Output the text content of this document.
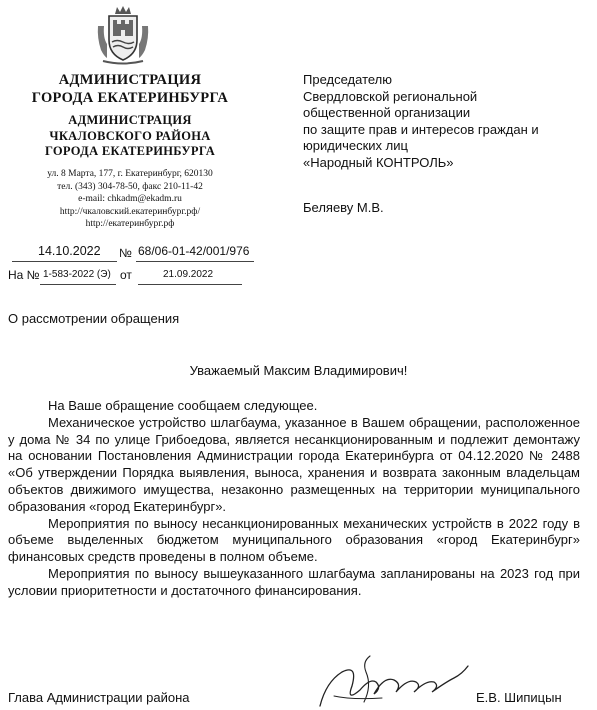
АДМИНИСТРАЦИЯ
ГОРОДА ЕКАТЕРИНБУРГА
АДМИНИСТРАЦИЯ
ЧКАЛОВСКОГО РАЙОНА
ГОРОДА ЕКАТЕРИНБУРГА
ул. 8 Марта, 177, г. Екатеринбург, 620130
тел. (343) 304-78-50, факс 210-11-42
e-mail: chkadm@ekadm.ru
http://чкаловский.екатеринбург.рф/
http://екатеринбург.рф
Председателю
Свердловской региональной
общественной организации
по защите прав и интересов граждан и
юридических лиц
«Народный КОНТРОЛЬ»
Беляеву М.В.
14.10.2022 № 68/06-01-42/001/976
На № 1-583-2022 (Э) от	21.09.2022
О рассмотрении обращения
Уважаемый Максим Владимирович!

На Ваше обращение сообщаем следующее.

Механическое устройство шлагбаума, указанное в Вашем обращении, расположенное у дома № 34 по улице Грибоедова, является несанкционированным и подлежит демонтажу на основании Постановления Администрации города Екатеринбурга от 04.12.2020 № 2488 «Об утверждении Порядка выявления, выноса, хранения и возврата законным владельцам объектов движимого имущества, незаконно размещенных на территории муниципального образования «город Екатеринбург».

Мероприятия по выносу несанкционированных механических устройств в 2022 году в объеме выделенных бюджетом муниципального образования «город Екатеринбург» финансовых средств проведены в полном объеме.

Мероприятия по выносу вышеуказанного шлагбаума запланированы на 2023 год при условии приоритетности и достаточного финансирования.

Глава Администрации района	Е.В. Шипицын
